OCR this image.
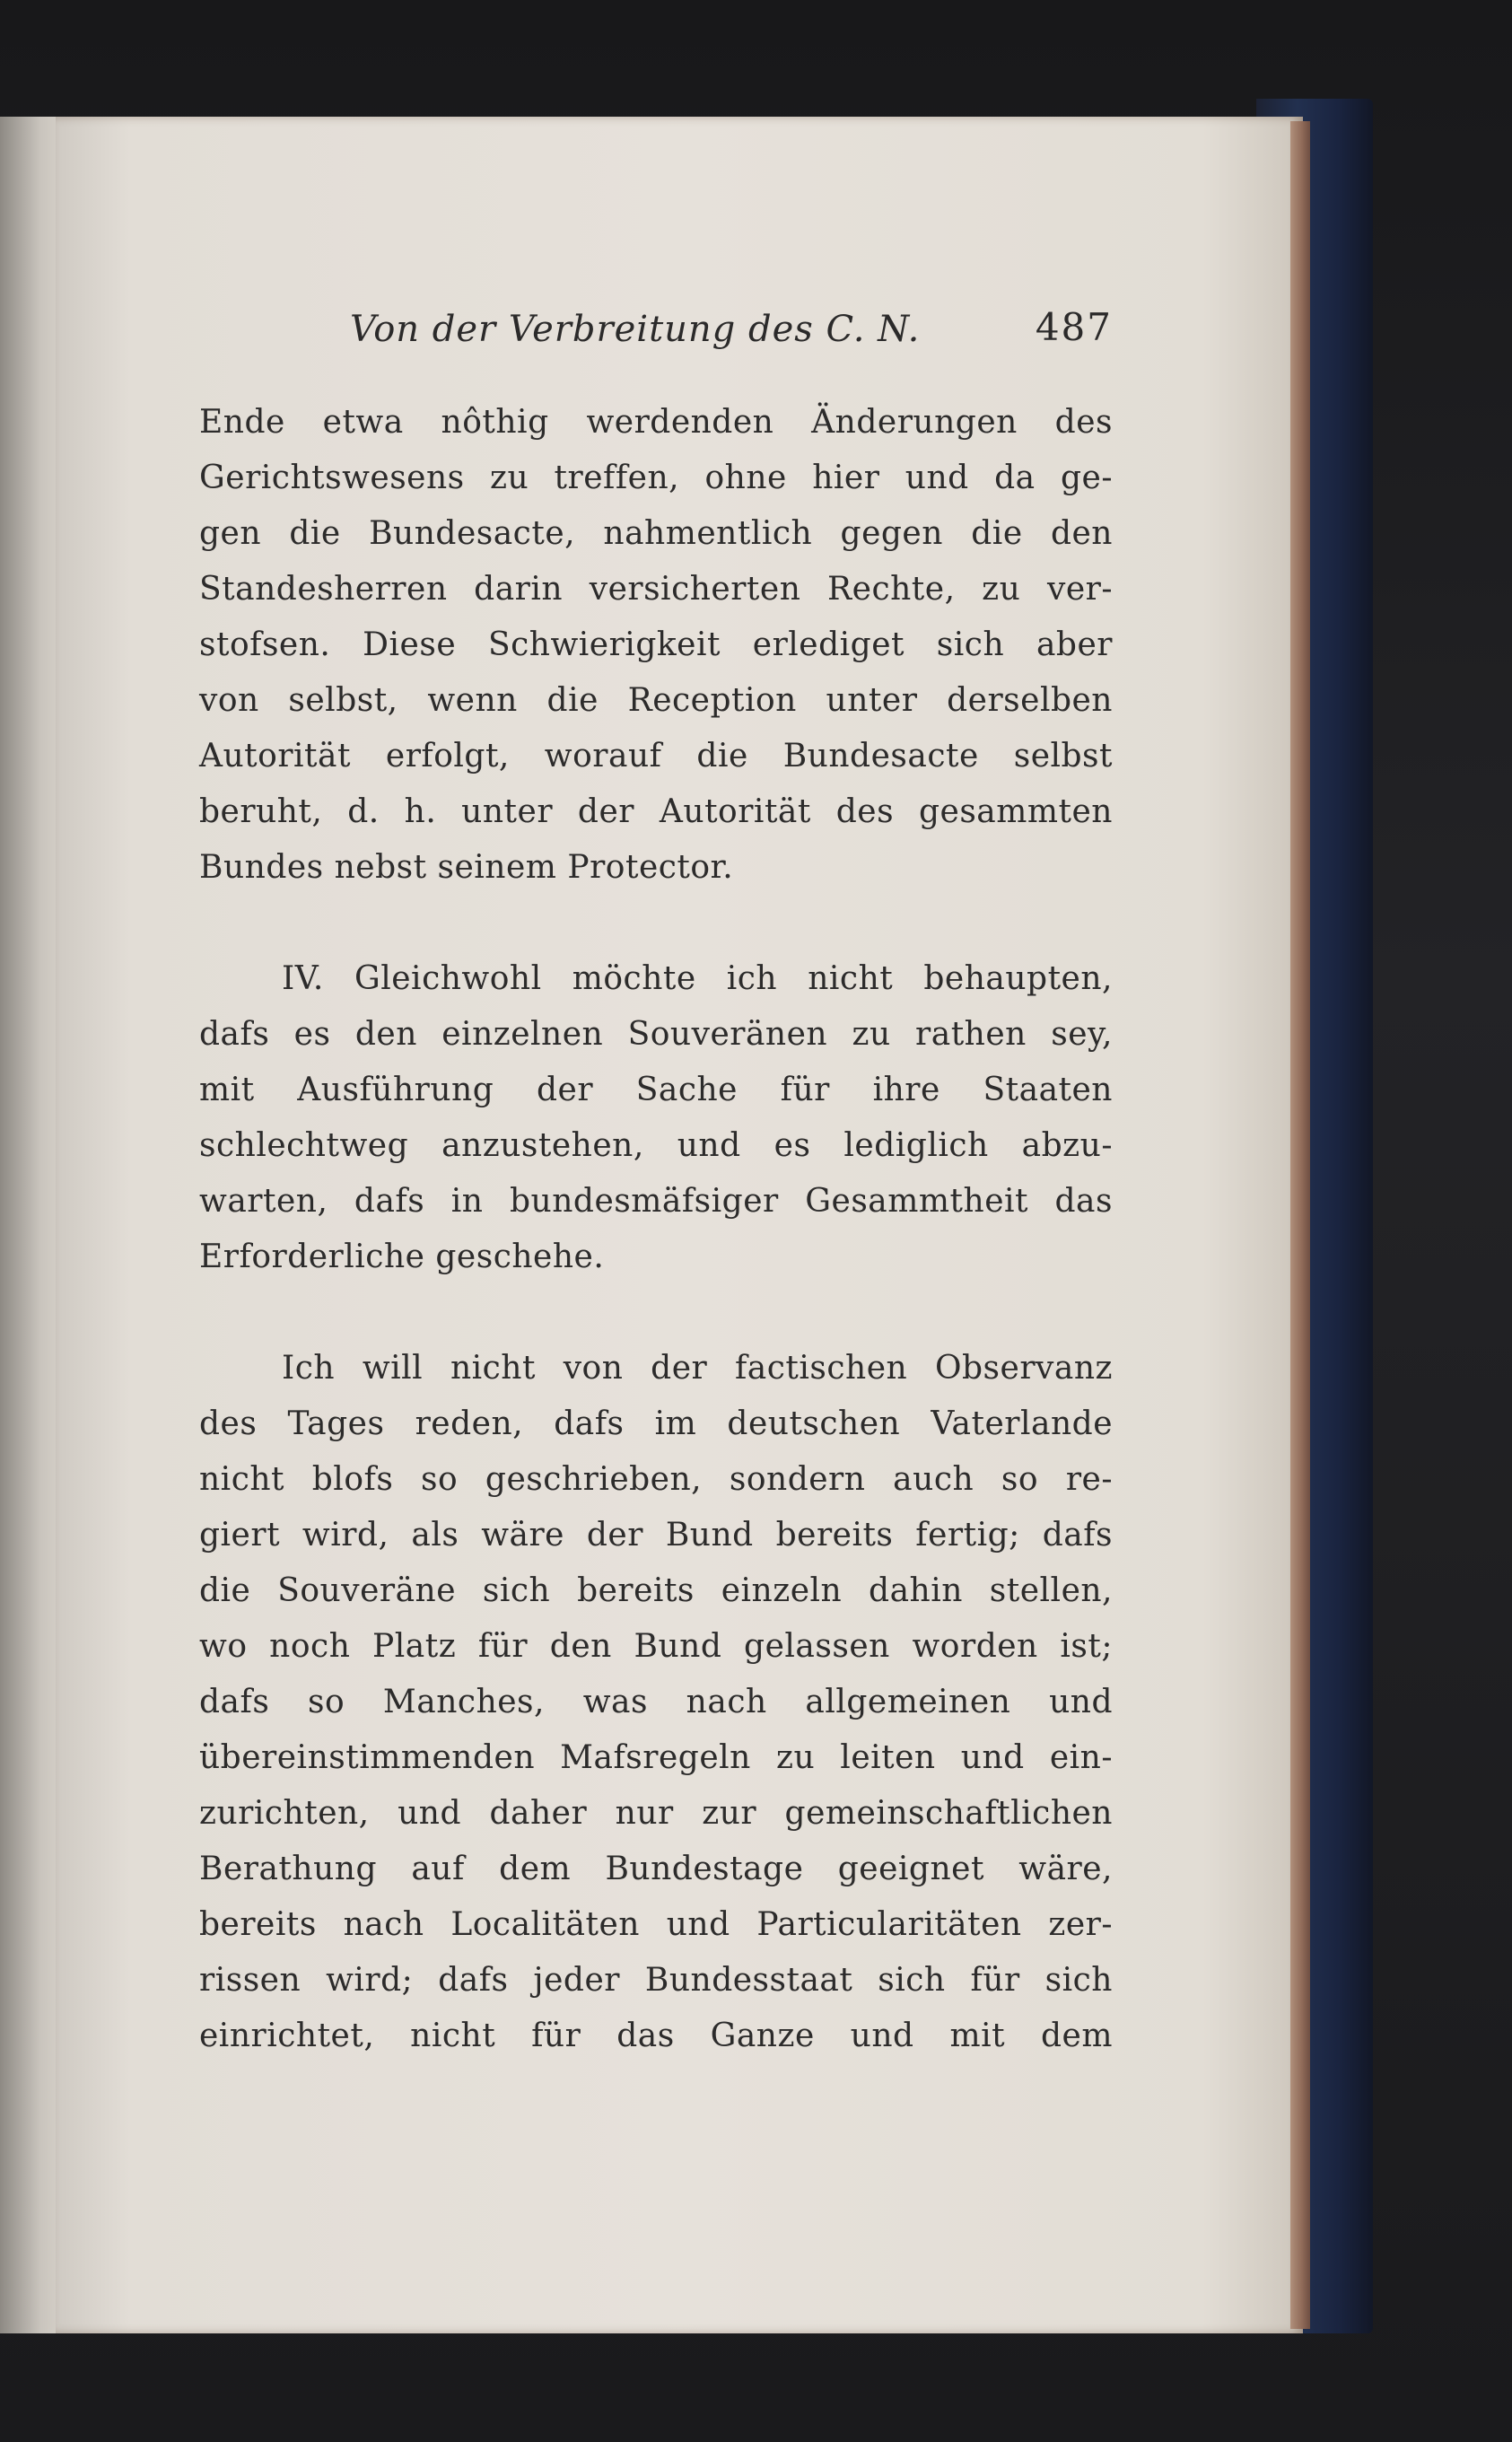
Von der Verbreitung des C. N.	487
Ende etwa nôthig werdenden Änderungen des
Gerichtswesens zu treffen, ohne hier und da ge-
gen die Bundesacte, nahmentlich gegen die den
Standesherren darin versicherten Rechte, zu ver-
stofsen. Diese Schwierigkeit erlediget sich aber
von selbst, wenn die Reception unter derselben
Autorität erfolgt, worauf die Bundesacte selbst
beruht, d. h. unter der Autorität des gesammten
Bundes nebst seinem Protector.
IV. Gleichwohl möchte ich nicht behaupten,
dafs es den einzelnen Souveränen zu rathen sey,
mit Ausführung der Sache für ihre Staaten
schlechtweg anzustehen, und es lediglich abzu-
warten, dafs in bundesmäfsiger Gesammtheit das
Erforderliche geschehe.
Ich will nicht von der factischen Observanz
des Tages reden, dafs im deutschen Vaterlande
nicht blofs so geschrieben, sondern auch so re-
giert wird, als wäre der Bund bereits fertig; dafs
die Souveräne sich bereits einzeln dahin stellen,
wo noch Platz für den Bund gelassen worden ist;
dafs so Manches, was nach allgemeinen und
übereinstimmenden Mafsregeln zu leiten und ein-
zurichten, und daher nur zur gemeinschaftlichen
Berathung auf dem Bundestage geeignet wäre,
bereits nach Localitäten und Particularitäten zer-
rissen wird; dafs jeder Bundesstaat sich für sich
einrichtet, nicht für das Ganze und mit dem
